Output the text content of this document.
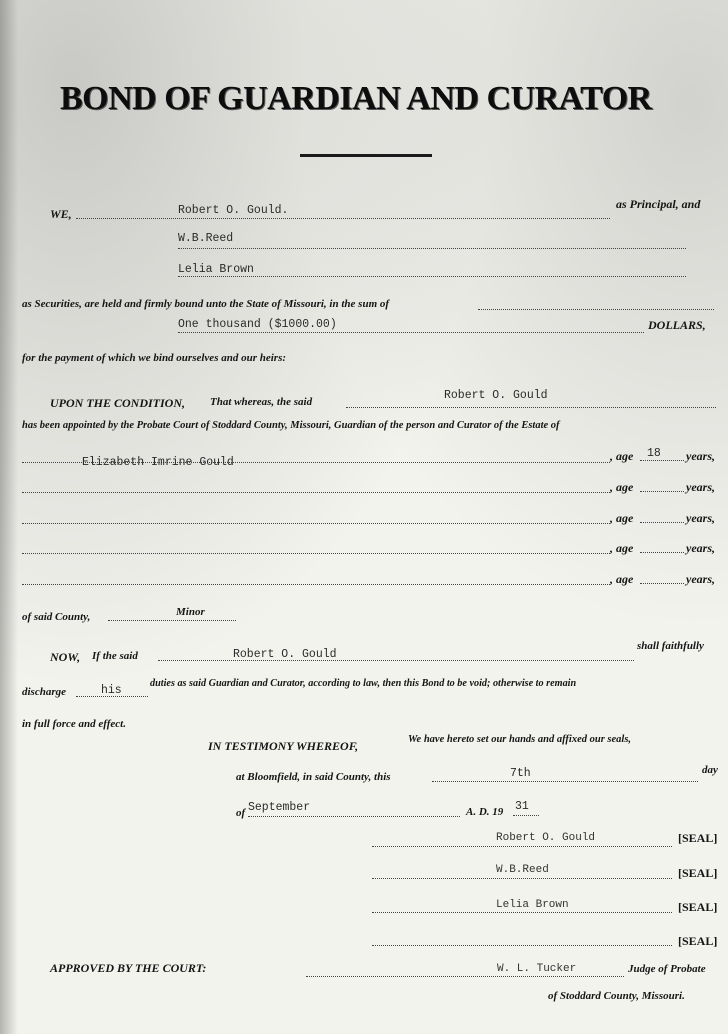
BOND OF GUARDIAN AND CURATOR
WE,	Robert O. Gould.	as Principal, and
W.B.Reed
Lelia Brown
as Securities, are held and firmly bound unto the State of Missouri, in the sum of
One thousand ($1000.00)	DOLLARS,
for the payment of which we bind ourselves and our heirs:
UPON THE CONDITION, That whereas, the said	Robert O. Gould
has been appointed by the Probate Court of Stoddard County, Missouri, Guardian of the person and Curator of the Estate of
Elizabeth Imrine Gould	, age 18 years,
, age	years,
, age	years,
, age	years,
, age	years,
of said County,	Minor
NOW, If the said	Robert O. Gould
shall faithfully
discharge	his
duties as said Guardian and Curator, according to law, then this Bond to be void; otherwise to remain
in full force and effect.
IN TESTIMONY WHEREOF,	We have hereto set our hands and affixed our seals,
at Bloomfield, in said County, this	7th	day
of September	A. D. 19 31
Robert O. Gould	[SEAL]
W.B.Reed	[SEAL]
Lelia Brown	[SEAL]
[SEAL]
APPROVED BY THE COURT:	W. L. Tucker	Judge of Probate
of Stoddard County, Missouri.
